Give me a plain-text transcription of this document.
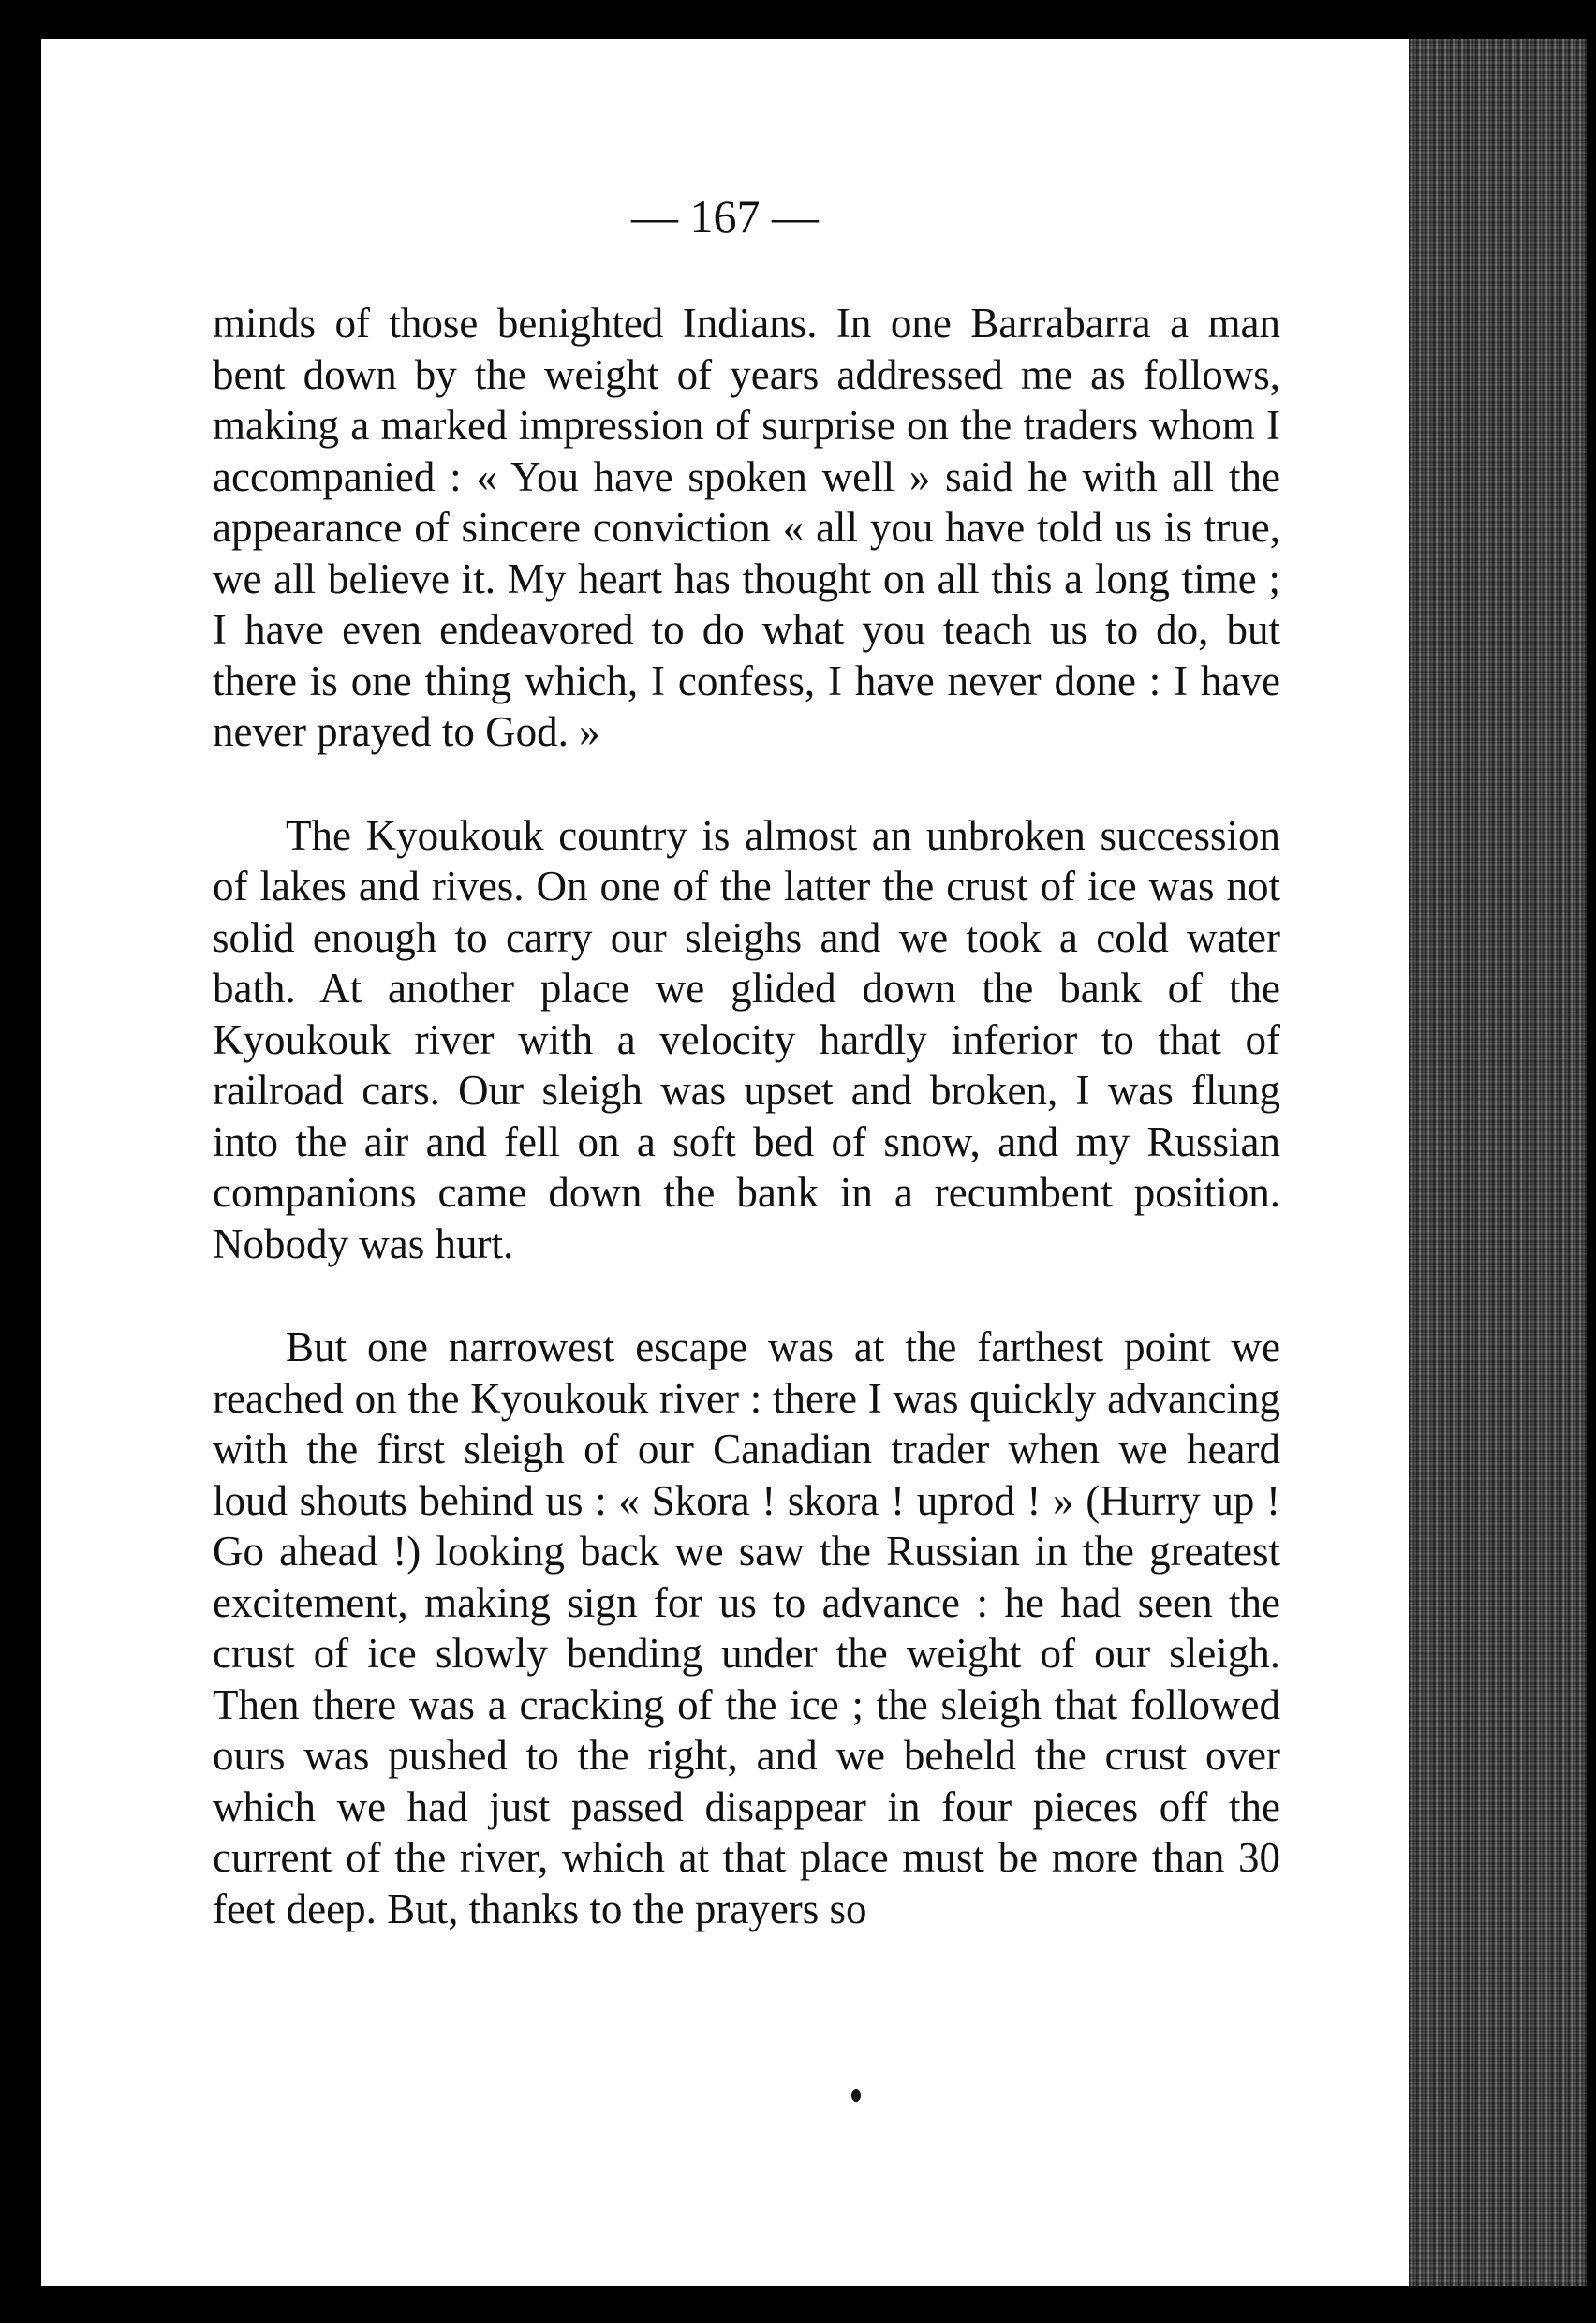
— 167 —

minds of those benighted Indians. In one Barrabarra a man bent down by the weight of years addressed me as follows, making a marked impression of surprise on the traders whom I accompanied : « You have spoken well » said he with all the appearance of sincere conviction « all you have told us is true, we all believe it. My heart has thought on all this a long time ; I have even endeavored to do what you teach us to do, but there is one thing which, I confess, I have never done : I have never prayed to God. »

The Kyoukouk country is almost an unbroken succession of lakes and rives. On one of the latter the crust of ice was not solid enough to carry our sleighs and we took a cold water bath. At another place we glided down the bank of the Kyoukouk river with a velocity hardly inferior to that of railroad cars. Our sleigh was upset and broken, I was flung into the air and fell on a soft bed of snow, and my Russian companions came down the bank in a recumbent position. Nobody was hurt.

But one narrowest escape was at the farthest point we reached on the Kyoukouk river : there I was quickly advancing with the first sleigh of our Canadian trader when we heard loud shouts behind us : « Skora ! skora ! uprod ! » (Hurry up ! Go ahead !) looking back we saw the Russian in the greatest excitement, making sign for us to advance : he had seen the crust of ice slowly bending under the weight of our sleigh. Then there was a cracking of the ice ; the sleigh that followed ours was pushed to the right, and we beheld the crust over which we had just passed disappear in four pieces off the current of the river, which at that place must be more than 30 feet deep. But, thanks to the prayers so
